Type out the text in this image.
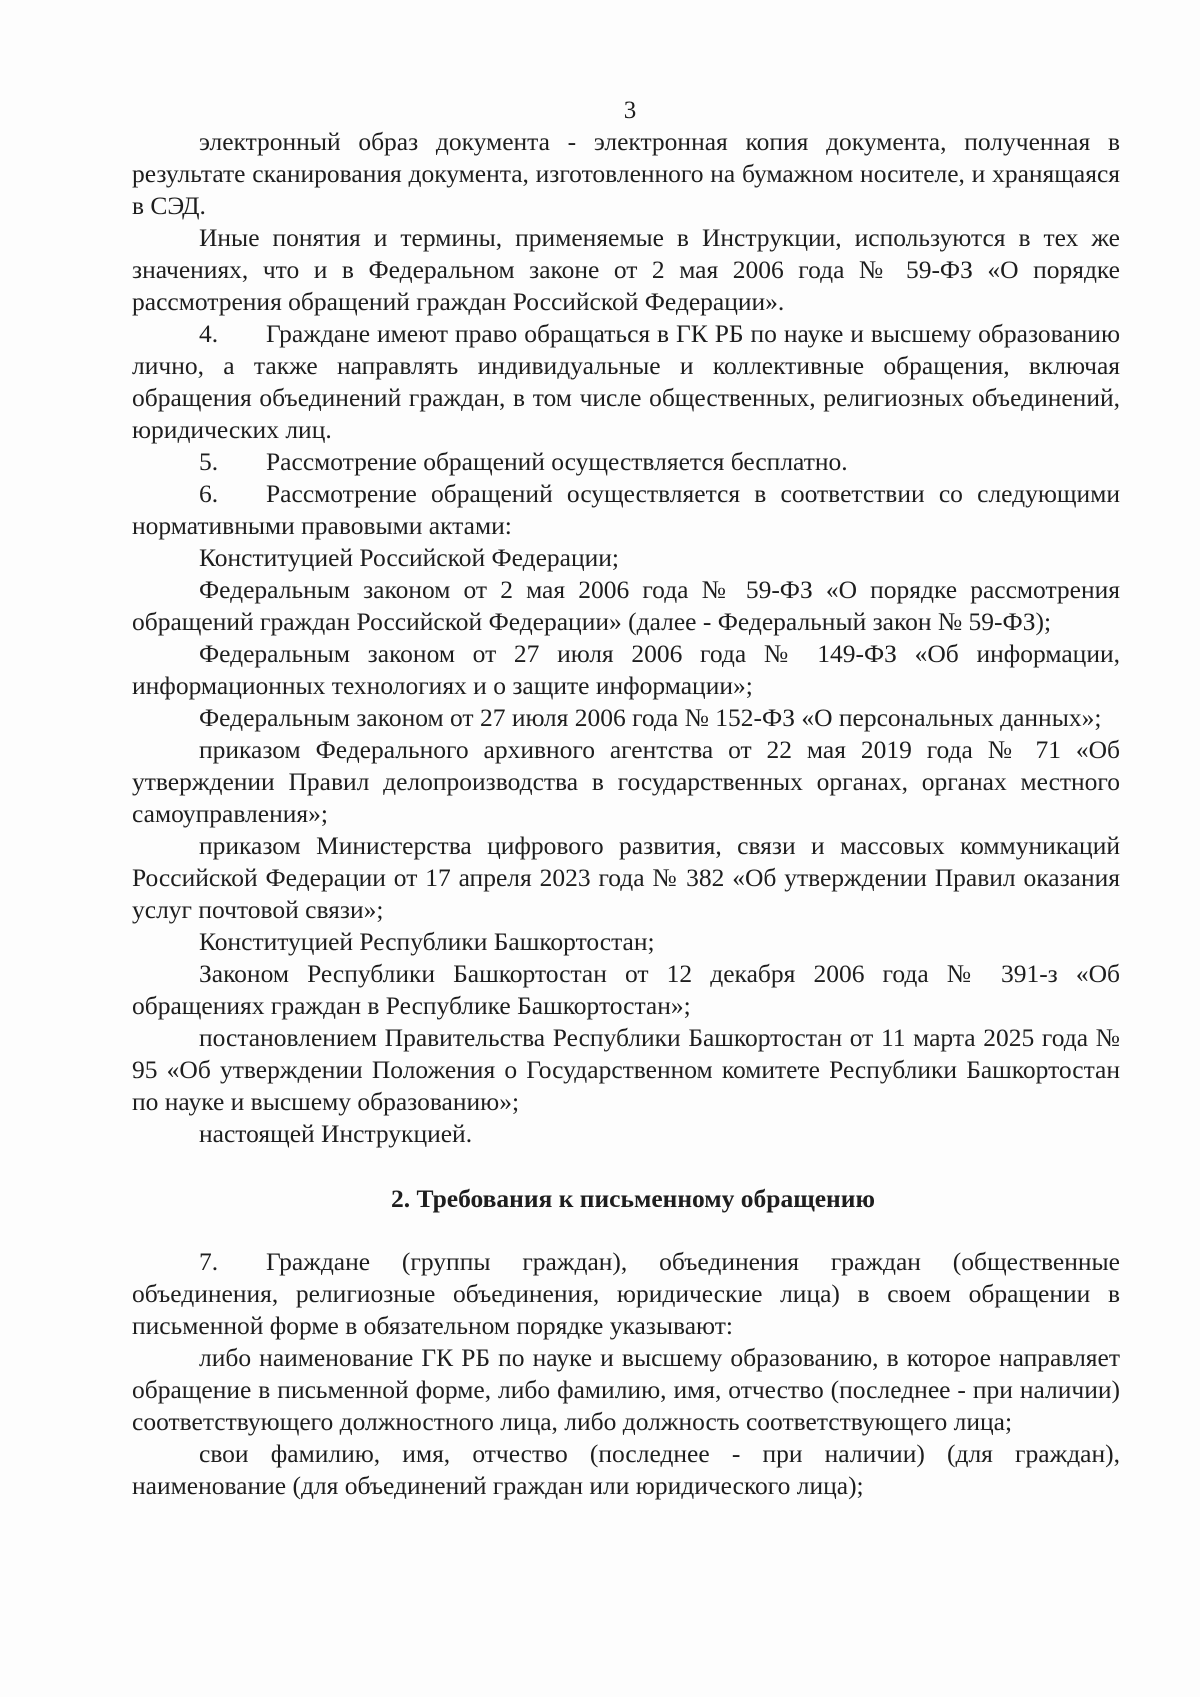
3

электронный образ документа - электронная копия документа, полученная в результате сканирования документа, изготовленного на бумажном носителе, и хранящаяся в СЭД.

Иные понятия и термины, применяемые в Инструкции, используются в тех же значениях, что и в Федеральном законе от 2 мая 2006 года № 59-ФЗ «О порядке рассмотрения обращений граждан Российской Федерации».

4. Граждане имеют право обращаться в ГК РБ по науке и высшему образованию лично, а также направлять индивидуальные и коллективные обращения, включая обращения объединений граждан, в том числе общественных, религиозных объединений, юридических лиц.

5. Рассмотрение обращений осуществляется бесплатно.

6. Рассмотрение обращений осуществляется в соответствии со следующими нормативными правовыми актами:

Конституцией Российской Федерации;

Федеральным законом от 2 мая 2006 года № 59-ФЗ «О порядке рассмотрения обращений граждан Российской Федерации» (далее - Федеральный закон № 59-ФЗ);

Федеральным законом от 27 июля 2006 года № 149-ФЗ «Об информации, информационных технологиях и о защите информации»;

Федеральным законом от 27 июля 2006 года № 152-ФЗ «О персональных данных»;

приказом Федерального архивного агентства от 22 мая 2019 года № 71 «Об утверждении Правил делопроизводства в государственных органах, органах местного самоуправления»;

приказом Министерства цифрового развития, связи и массовых коммуникаций Российской Федерации от 17 апреля 2023 года № 382 «Об утверждении Правил оказания услуг почтовой связи»;

Конституцией Республики Башкортостан;

Законом Республики Башкортостан от 12 декабря 2006 года № 391-з «Об обращениях граждан в Республике Башкортостан»;

постановлением Правительства Республики Башкортостан от 11 марта 2025 года № 95 «Об утверждении Положения о Государственном комитете Республики Башкортостан по науке и высшему образованию»;

настоящей Инструкцией.

2. Требования к письменному обращению

7. Граждане (группы граждан), объединения граждан (общественные объединения, религиозные объединения, юридические лица) в своем обращении в письменной форме в обязательном порядке указывают:

либо наименование ГК РБ по науке и высшему образованию, в которое направляет обращение в письменной форме, либо фамилию, имя, отчество (последнее - при наличии) соответствующего должностного лица, либо должность соответствующего лица;

свои фамилию, имя, отчество (последнее - при наличии) (для граждан), наименование (для объединений граждан или юридического лица);
